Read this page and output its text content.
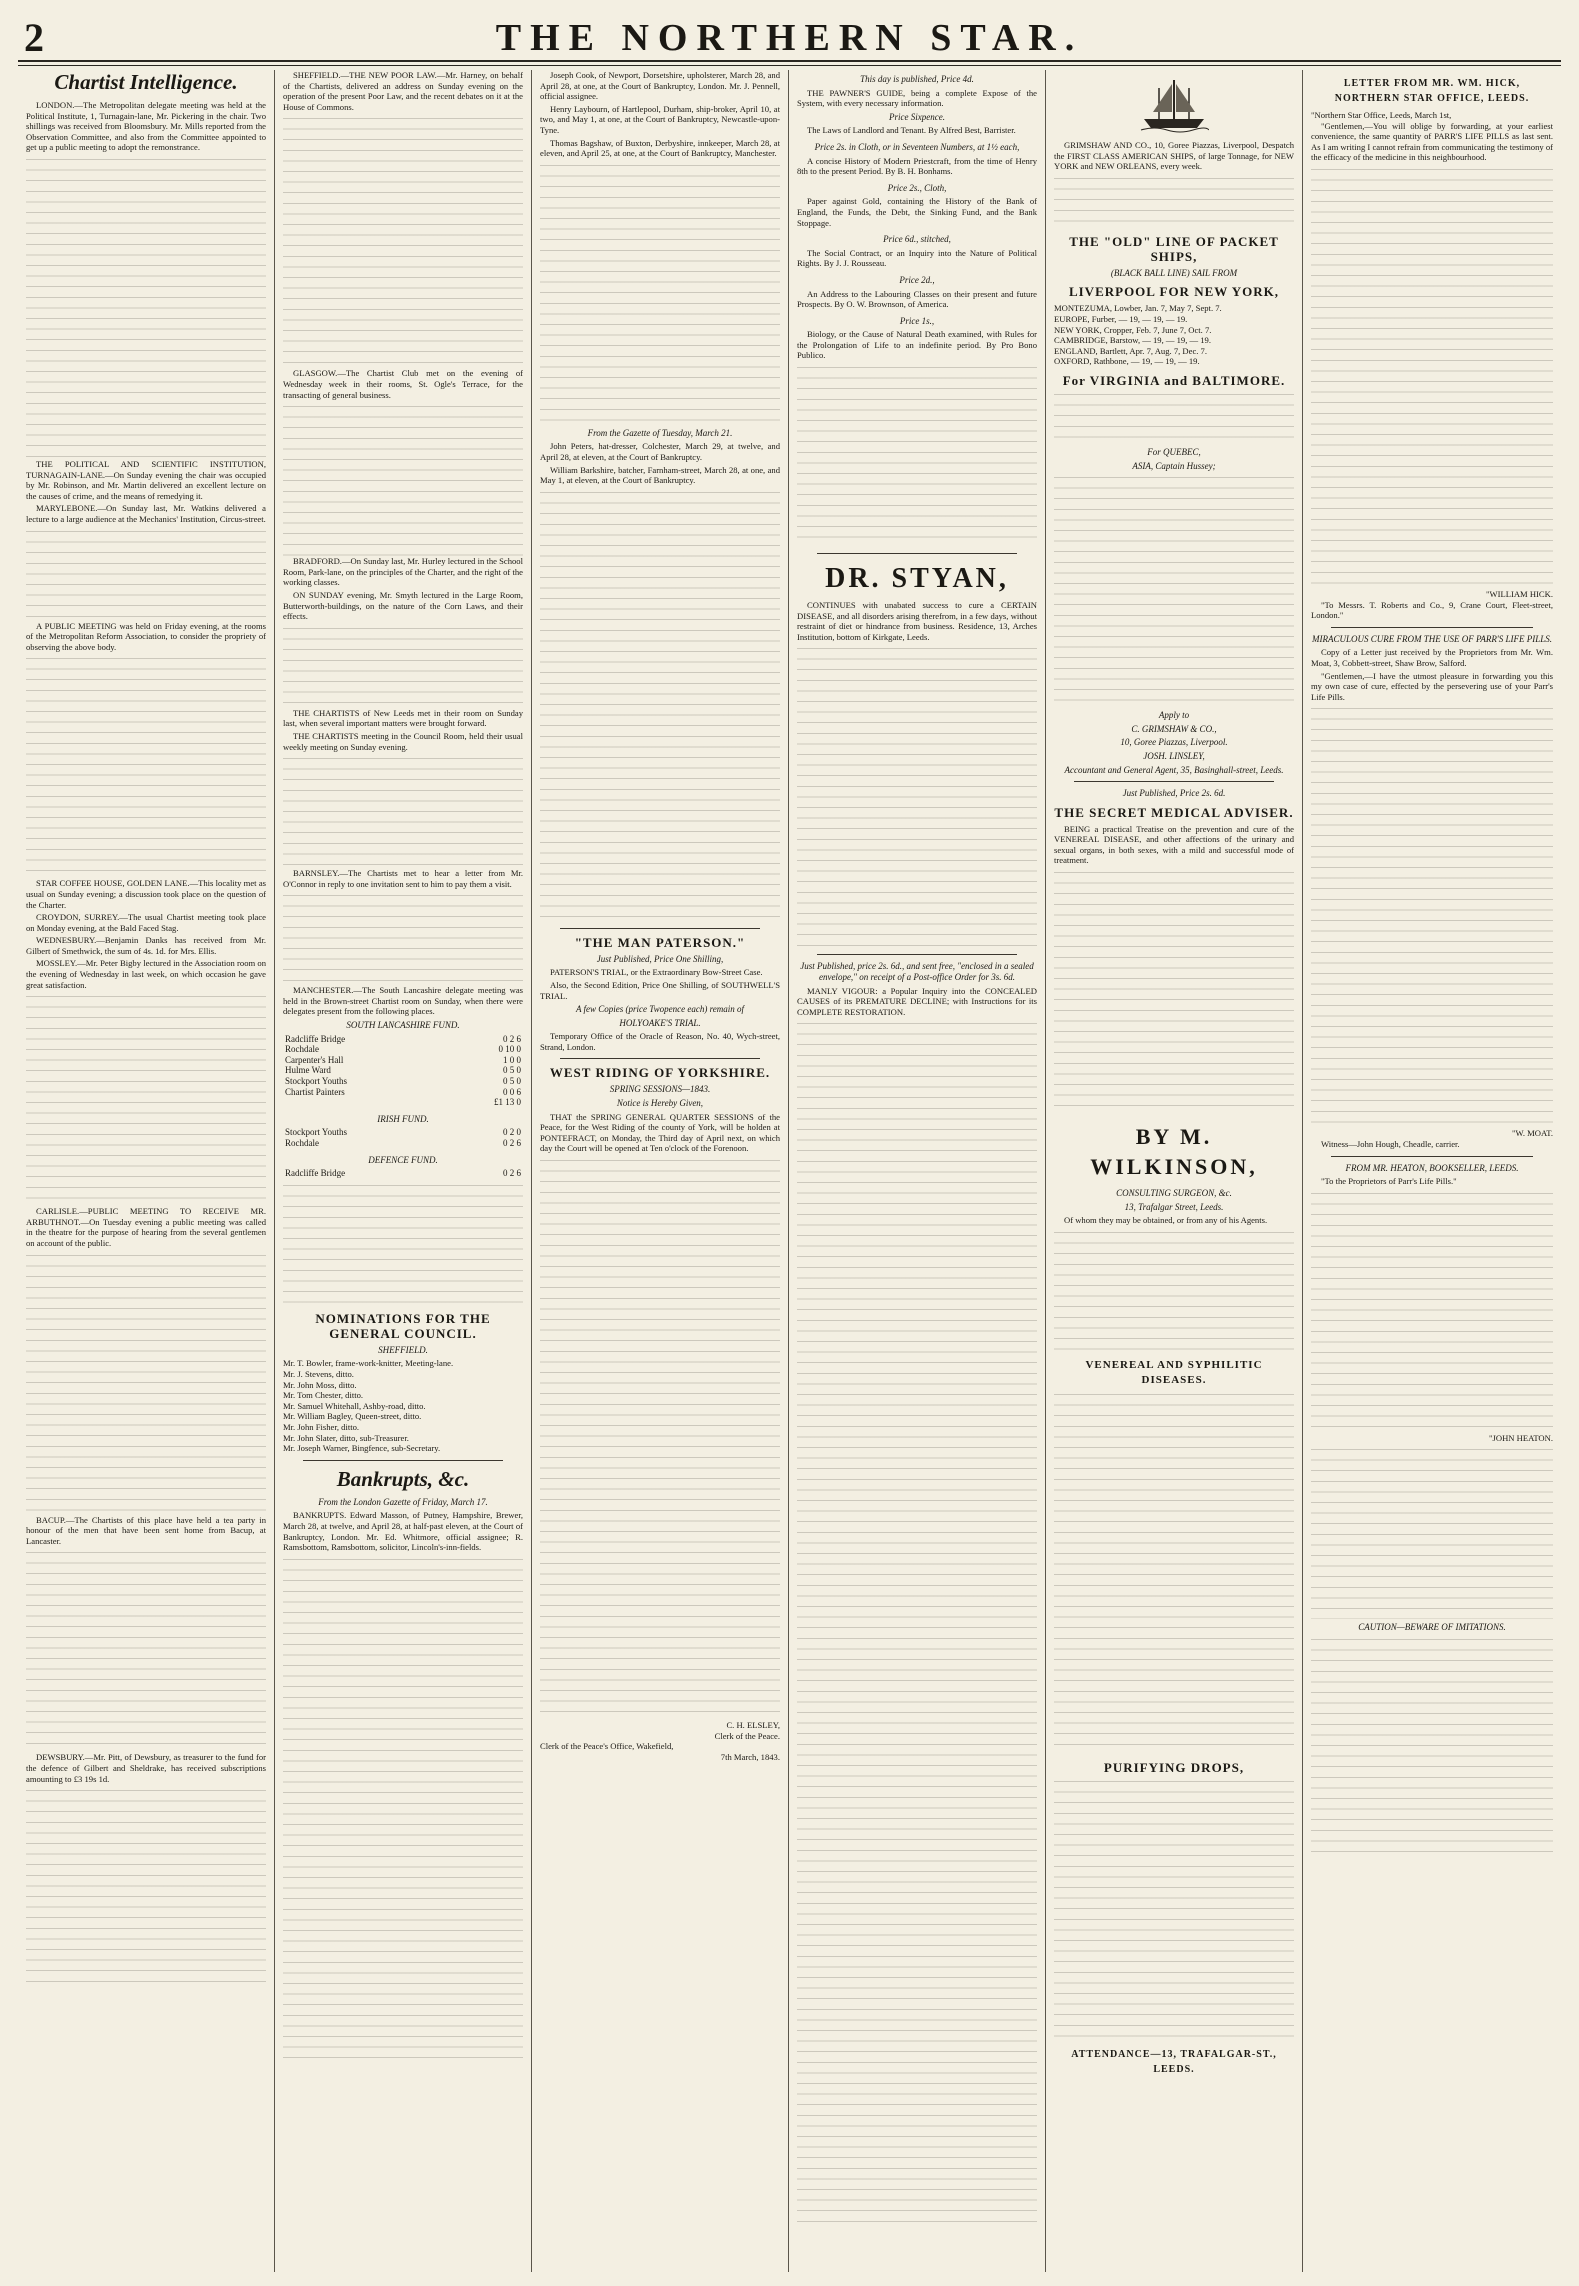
2	THE NORTHERN STAR.
Chartist Intelligence.

LONDON.—The Metropolitan delegate meeting was held at the Political Institute, 1, Turnagain-lane, Mr. Pickering in the chair. Two shillings was received from Bloomsbury. Mr. Mills reported from the Observation Committee, and also from the Committee appointed to get up a public meeting to adopt the remonstrance.

THE POLITICAL AND SCIENTIFIC INSTITUTION, TURNAGAIN-LANE.—On Sunday evening the chair was occupied by Mr. Robinson, and Mr. Martin delivered an excellent lecture on the causes of crime, and the means of remedying it.

MARYLEBONE.—On Sunday last, Mr. Watkins delivered a lecture to a large audience at the Mechanics' Institution, Circus-street.

A PUBLIC MEETING was held on Friday evening, at the rooms of the Metropolitan Reform Association, to consider the propriety of observing the above body.

STAR COFFEE HOUSE, GOLDEN LANE.—This locality met as usual on Sunday evening; a discussion took place on the question of the Charter.

CROYDON, SURREY.—The usual Chartist meeting took place on Monday evening, at the Bald Faced Stag.

WEDNESBURY.—Benjamin Danks has received from Mr. Gilbert of Smethwick, the sum of 4s. 1d. for Mrs. Ellis.

MOSSLEY.—Mr. Peter Bigby lectured in the Association room on the evening of Wednesday in last week, on which occasion he gave great satisfaction.

CARLISLE.—PUBLIC MEETING TO RECEIVE MR. ARBUTHNOT.—On Tuesday evening a public meeting was called in the theatre for the purpose of hearing from the several gentlemen on account of the public.

BACUP.—The Chartists of this place have held a tea party in honour of the men that have been sent home from Bacup, at Lancaster.

DEWSBURY.—Mr. Pitt, of Dewsbury, as treasurer to the fund for the defence of Gilbert and Sheldrake, has received subscriptions amounting to £3 19s 1d.

SHEFFIELD.—THE NEW POOR LAW.—Mr. Harney, on behalf of the Chartists, delivered an address on Sunday evening on the operation of the present Poor Law, and the recent debates on it at the House of Commons.

GLASGOW.—The Chartist Club met on the evening of Wednesday week in their rooms, St. Ogle's Terrace, for the transacting of general business.

BRADFORD.—On Sunday last, Mr. Hurley lectured in the School Room, Park-lane, on the principles of the Charter, and the right of the working classes.

ON SUNDAY evening, Mr. Smyth lectured in the Large Room, Butterworth-buildings, on the nature of the Corn Laws, and their effects.

THE CHARTISTS of New Leeds met in their room on Sunday last, when several important matters were brought forward.

THE CHARTISTS meeting in the Council Room, held their usual weekly meeting on Sunday evening.

BARNSLEY.—The Chartists met to hear a letter from Mr. O'Connor in reply to one invitation sent to him to pay them a visit.

MANCHESTER.—The South Lancashire delegate meeting was held in the Brown-street Chartist room on Sunday, when there were delegates present from the following places.

SOUTH LANCASHIRE FUND.
Radcliffe Bridge	0 2 6
Rochdale	0 10 0
Carpenter's Hall	1 0 0
Hulme Ward	0 5 0
Stockport Youths	0 5 0
Chartist Painters	0 0 6
	£1 13 0
IRISH FUND.
Stockport Youths	0 2 0
Rochdale	0 2 6
DEFENCE FUND.
Radcliffe Bridge	0 2 6
NOMINATIONS FOR THE GENERAL COUNCIL.
SHEFFIELD.
Mr. T. Bowler, frame-work-knitter, Meeting-lane.
Mr. J. Stevens, ditto.
Mr. John Moss, ditto.
Mr. Tom Chester, ditto.
Mr. Samuel Whitehall, Ashby-road, ditto.
Mr. William Bagley, Queen-street, ditto.
Mr. John Fisher, ditto.
Mr. John Slater, ditto, sub-Treasurer.
Mr. Joseph Warner, Bingfence, sub-Secretary.
Bankrupts, &c.
From the London Gazette of Friday, March 17.

BANKRUPTS. Edward Masson, of Putney, Hampshire, Brewer, March 28, at twelve, and April 28, at half-past eleven, at the Court of Bankruptcy, London. Mr. Ed. Whitmore, official assignee; R. Ramsbottom, Ramsbottom, solicitor, Lincoln's-inn-fields.

Joseph Cook, of Newport, Dorsetshire, upholsterer, March 28, and April 28, at one, at the Court of Bankruptcy, London. Mr. J. Pennell, official assignee.

Henry Laybourn, of Hartlepool, Durham, ship-broker, April 10, at two, and May 1, at one, at the Court of Bankruptcy, Newcastle-upon-Tyne.

Thomas Bagshaw, of Buxton, Derbyshire, innkeeper, March 28, at eleven, and April 25, at one, at the Court of Bankruptcy, Manchester.

From the Gazette of Tuesday, March 21.

John Peters, hat-dresser, Colchester, March 29, at twelve, and April 28, at eleven, at the Court of Bankruptcy.

William Barkshire, batcher, Farnham-street, March 28, at one, and May 1, at eleven, at the Court of Bankruptcy.

"THE MAN PATERSON."
Just Published, Price One Shilling,

PATERSON'S TRIAL, or the Extraordinary Bow-Street Case.

Also, the Second Edition, Price One Shilling, of SOUTHWELL'S TRIAL.

A few Copies (price Twopence each) remain of
HOLYOAKE'S TRIAL.

Temporary Office of the Oracle of Reason, No. 40, Wych-street, Strand, London.

WEST RIDING OF YORKSHIRE.
SPRING SESSIONS—1843.
Notice is Hereby Given,

THAT the SPRING GENERAL QUARTER SESSIONS of the Peace, for the West Riding of the county of York, will be holden at PONTEFRACT, on Monday, the Third day of April next, on which day the Court will be opened at Ten o'clock of the Forenoon.

C. H. ELSLEY,
Clerk of the Peace.
Clerk of the Peace's Office, Wakefield,
7th March, 1843.
This day is published, Price 4d.

THE PAWNER'S GUIDE, being a complete Expose of the System, with every necessary information.

Price Sixpence.

The Laws of Landlord and Tenant. By Alfred Best, Barrister.

Price 2s. in Cloth, or in Seventeen Numbers, at 1½ each,

A concise History of Modern Priestcraft, from the time of Henry 8th to the present Period. By B. H. Bonhams.

Price 2s., Cloth,

Paper against Gold, containing the History of the Bank of England, the Funds, the Debt, the Sinking Fund, and the Bank Stoppage.

Price 6d., stitched,

The Social Contract, or an Inquiry into the Nature of Political Rights. By J. J. Rousseau.

Price 2d.,

An Address to the Labouring Classes on their present and future Prospects. By O. W. Brownson, of America.

Price 1s.,

Biology, or the Cause of Natural Death examined, with Rules for the Prolongation of Life to an indefinite period. By Pro Bono Publico.

DR. STYAN,

CONTINUES with unabated success to cure a CERTAIN DISEASE, and all disorders arising therefrom, in a few days, without restraint of diet or hindrance from business. Residence, 13, Arches Institution, bottom of Kirkgate, Leeds.

Just Published, price 2s. 6d., and sent free, "enclosed in a sealed envelope," on receipt of a Post-office Order for 3s. 6d.

MANLY VIGOUR: a Popular Inquiry into the CONCEALED CAUSES of its PREMATURE DECLINE; with Instructions for its COMPLETE RESTORATION.

GRIMSHAW AND CO., 10, Goree Piazzas, Liverpool, Despatch the FIRST CLASS AMERICAN SHIPS, of large Tonnage, for NEW YORK and NEW ORLEANS, every week.

THE "OLD" LINE OF PACKET SHIPS,
(BLACK BALL LINE) SAIL FROM
LIVERPOOL FOR NEW YORK,
MONTEZUMA, Lowber, Jan. 7, May 7, Sept. 7.
EUROPE, Furber, — 19, — 19, — 19.
NEW YORK, Cropper, Feb. 7, June 7, Oct. 7.
CAMBRIDGE, Barstow, — 19, — 19, — 19.
ENGLAND, Bartlett, Apr. 7, Aug. 7, Dec. 7.
OXFORD, Rathbone, — 19, — 19, — 19.
For VIRGINIA and BALTIMORE.
For QUEBEC,
ASIA, Captain Hussey;
Apply to
C. GRIMSHAW & CO.,
10, Goree Piazzas, Liverpool.
JOSH. LINSLEY,
Accountant and General Agent, 35, Basinghall-street, Leeds.
Just Published, Price 2s. 6d.
THE SECRET MEDICAL ADVISER.

BEING a practical Treatise on the prevention and cure of the VENEREAL DISEASE, and other affections of the urinary and sexual organs, in both sexes, with a mild and successful mode of treatment.

BY M. WILKINSON,
CONSULTING SURGEON, &c.
13, Trafalgar Street, Leeds.

Of whom they may be obtained, or from any of his Agents.

VENEREAL AND SYPHILITIC DISEASES.
PURIFYING DROPS,
ATTENDANCE—13, TRAFALGAR-ST., LEEDS.
LETTER FROM MR. WM. HICK, NORTHERN STAR OFFICE, LEEDS.
"Northern Star Office, Leeds, March 1st,

"Gentlemen,—You will oblige by forwarding, at your earliest convenience, the same quantity of PARR'S LIFE PILLS as last sent. As I am writing I cannot refrain from communicating the testimony of the efficacy of the medicine in this neighbourhood.

"WILLIAM HICK.

"To Messrs. T. Roberts and Co., 9, Crane Court, Fleet-street, London."

MIRACULOUS CURE FROM THE USE OF PARR'S LIFE PILLS.

Copy of a Letter just received by the Proprietors from Mr. Wm. Moat, 3, Cobbett-street, Shaw Brow, Salford.

"Gentlemen,—I have the utmost pleasure in forwarding you this my own case of cure, effected by the persevering use of your Parr's Life Pills.

"W. MOAT.

Witness—John Hough, Cheadle, carrier.

FROM MR. HEATON, BOOKSELLER, LEEDS.

"To the Proprietors of Parr's Life Pills."

"JOHN HEATON.
CAUTION—BEWARE OF IMITATIONS.
